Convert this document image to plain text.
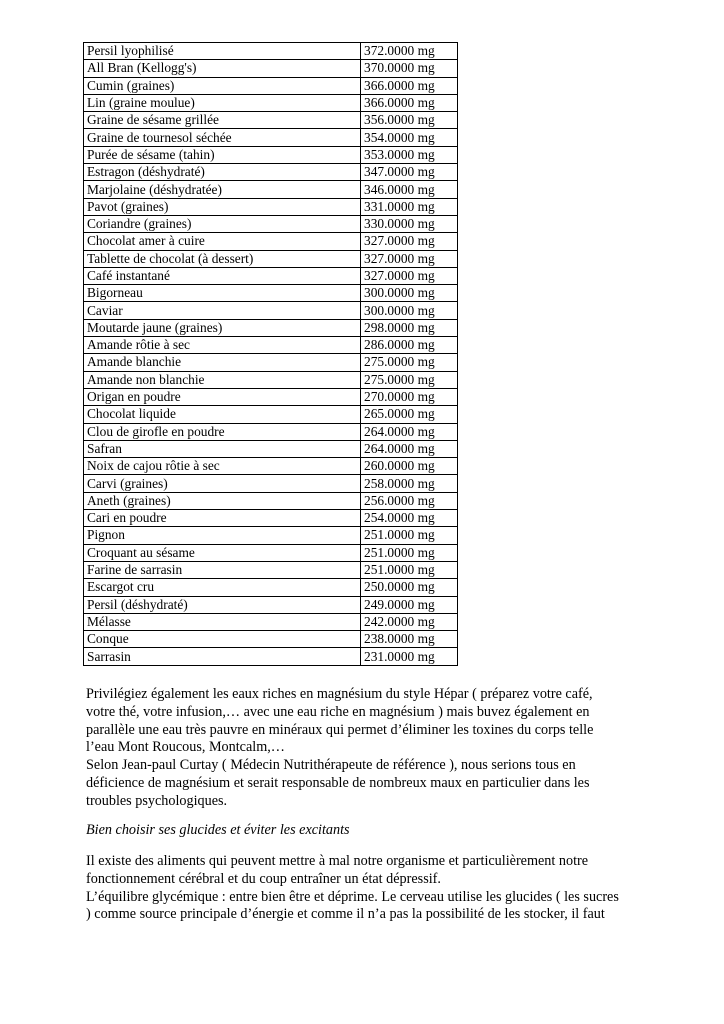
Persil lyophilisé	372.0000 mg
All Bran (Kellogg's)	370.0000 mg
Cumin (graines)	366.0000 mg
Lin (graine moulue)	366.0000 mg
Graine de sésame grillée	356.0000 mg
Graine de tournesol séchée	354.0000 mg
Purée de sésame (tahin)	353.0000 mg
Estragon (déshydraté)	347.0000 mg
Marjolaine (déshydratée)	346.0000 mg
Pavot (graines)	331.0000 mg
Coriandre (graines)	330.0000 mg
Chocolat amer à cuire	327.0000 mg
Tablette de chocolat (à dessert)	327.0000 mg
Café instantané	327.0000 mg
Bigorneau	300.0000 mg
Caviar	300.0000 mg
Moutarde jaune (graines)	298.0000 mg
Amande rôtie à sec	286.0000 mg
Amande blanchie	275.0000 mg
Amande non blanchie	275.0000 mg
Origan en poudre	270.0000 mg
Chocolat liquide	265.0000 mg
Clou de girofle en poudre	264.0000 mg
Safran	264.0000 mg
Noix de cajou rôtie à sec	260.0000 mg
Carvi (graines)	258.0000 mg
Aneth (graines)	256.0000 mg
Cari en poudre	254.0000 mg
Pignon	251.0000 mg
Croquant au sésame	251.0000 mg
Farine de sarrasin	251.0000 mg
Escargot cru	250.0000 mg
Persil (déshydraté)	249.0000 mg
Mélasse	242.0000 mg
Conque	238.0000 mg
Sarrasin	231.0000 mg

Privilégiez également les eaux riches en magnésium du style Hépar ( préparez votre café,

votre thé, votre infusion,… avec une eau riche en magnésium ) mais buvez également en

parallèle une eau très pauvre en minéraux qui permet d’éliminer les toxines du corps telle

l’eau Mont Roucous, Montcalm,…

Selon Jean-paul Curtay ( Médecin Nutrithérapeute de référence ), nous serions tous en

déficience de magnésium et serait responsable de nombreux maux en particulier dans les

troubles psychologiques.

Bien choisir ses glucides et éviter les excitants

Il existe des aliments qui peuvent mettre à mal notre organisme et particulièrement notre

fonctionnement cérébral et du coup entraîner un état dépressif.

L’équilibre glycémique : entre bien être et déprime. Le cerveau utilise les glucides ( les sucres

) comme source principale d’énergie et comme il n’a pas la possibilité de les stocker, il faut
